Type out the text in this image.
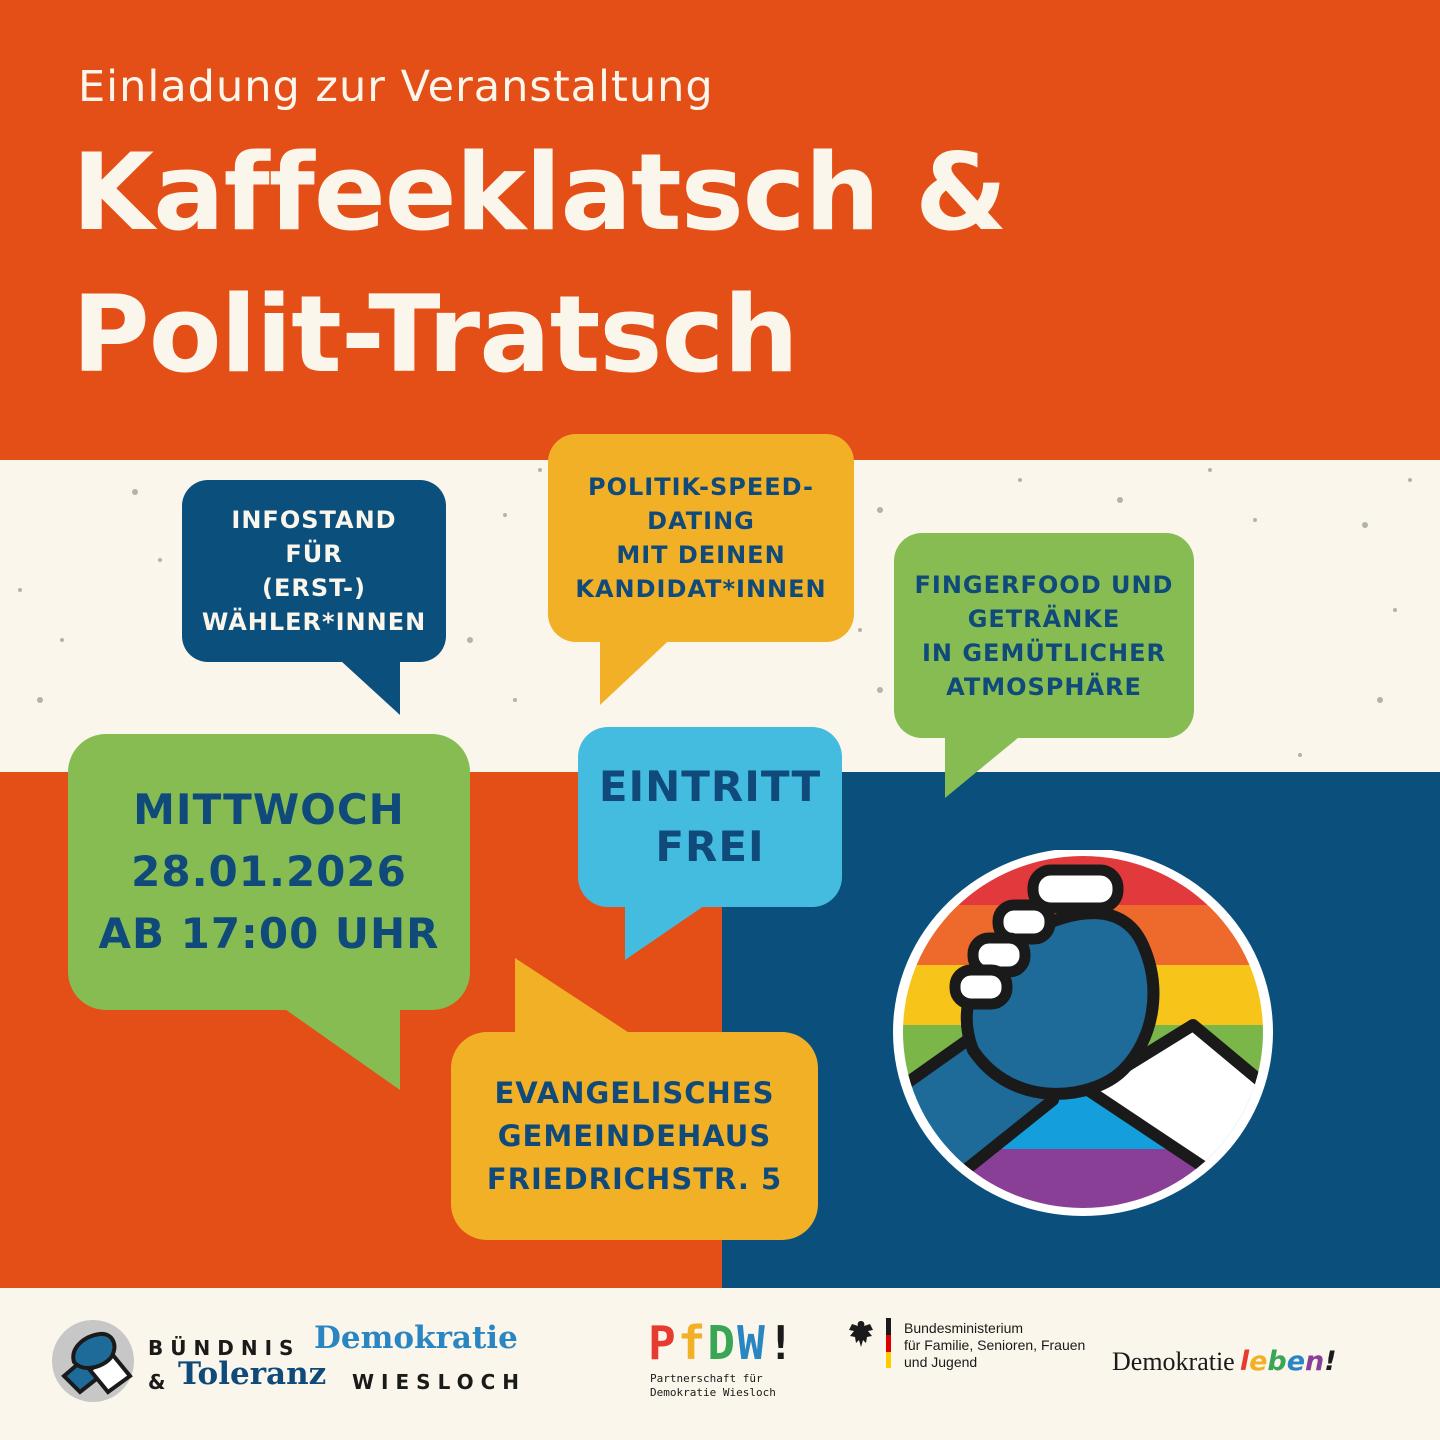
Einladung zur Veranstaltung
Kaffeeklatsch &
Polit-Tratsch
INFOSTAND
FÜR
(ERST-)
WÄHLER*INNEN
POLITIK-SPEED-
DATING
MIT DEINEN
KANDIDAT*INNEN	FINGERFOOD UND
GETRÄNKE
IN GEMÜTLICHER
ATMOSPHÄRE
MITTWOCH
28.01.2026
AB 17:00 UHR
EINTRITT
FREI
EVANGELISCHES
GEMEINDEHAUS
FRIEDRICHSTR. 5
BÜNDNIS Demokratie
& Toleranz WIESLOCH
PfDW!
Partnerschaft für
Demokratie Wiesloch
Bundesministerium
für Familie, Senioren, Frauen
und Jugend	Demokratie leben!
